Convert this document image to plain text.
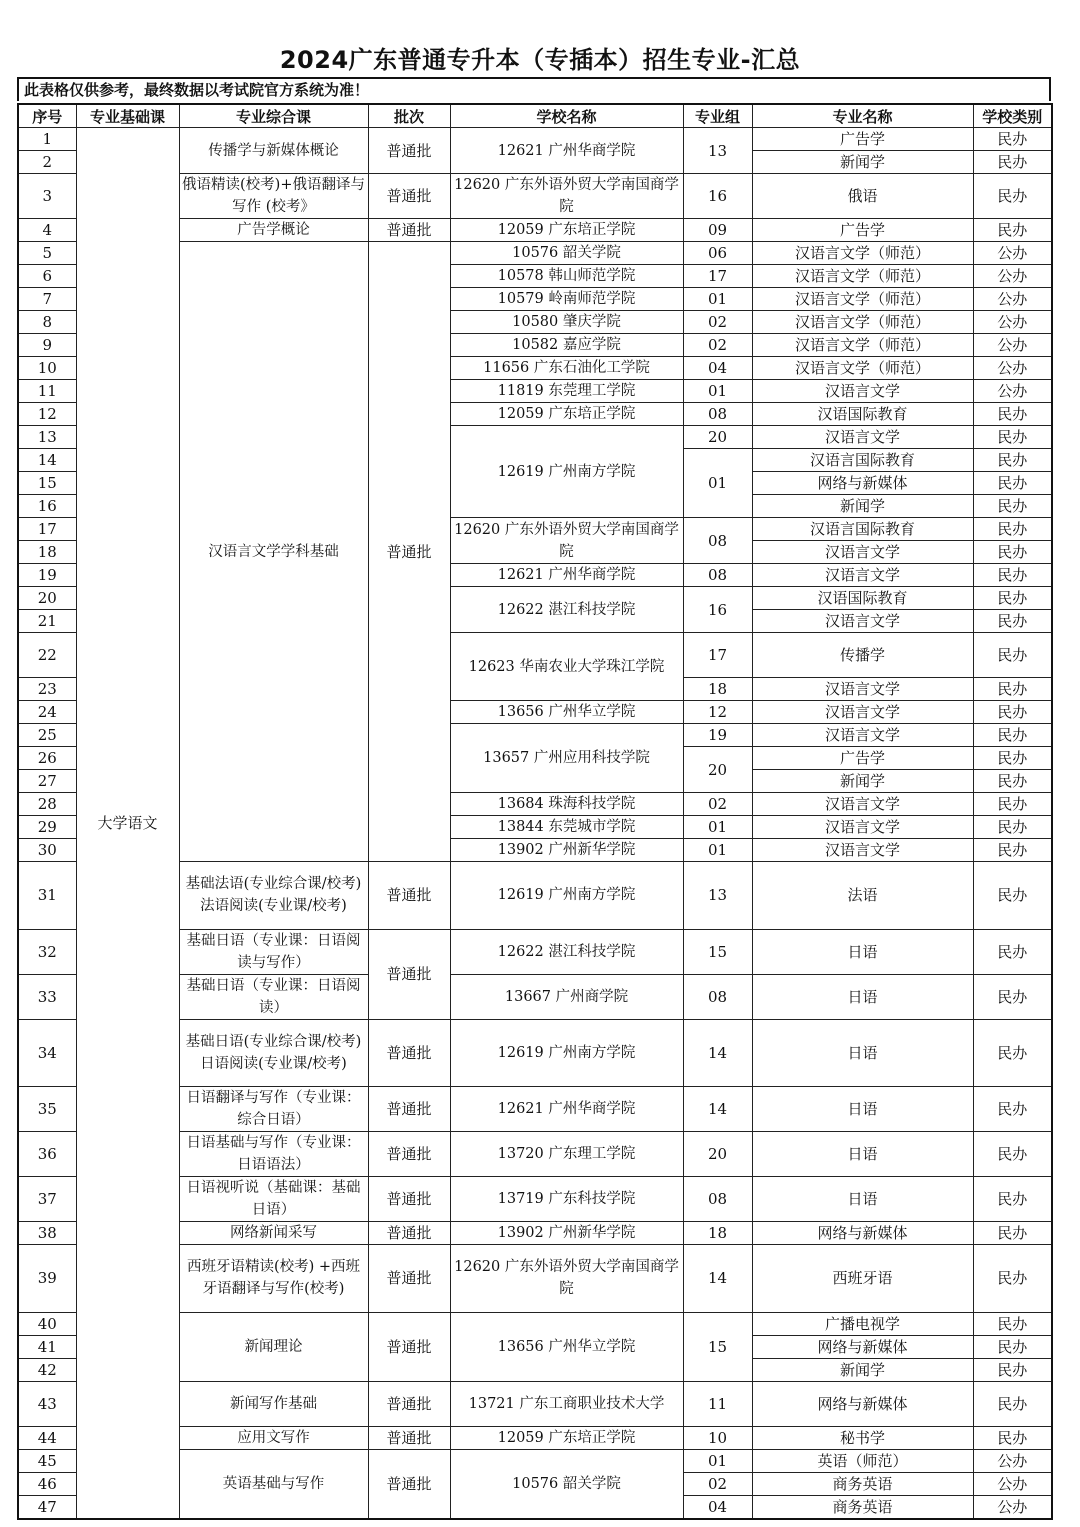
2024广东普通专升本（专插本）招生专业-汇总
此表格仅供参考，最终数据以考试院官方系统为准！
序号	专业基础课	专业综合课	批次	学校名称	专业组	专业名称	学校类别
1	大学语文	传播学与新媒体概论	普通批	12621 广州华商学院	13	广告学	民办
2						新闻学	民办
3		俄语精读(校考)+俄语翻译与写作 (校考》	普通批	12620 广东外语外贸大学南国商学院	16	俄语	民办
4		广告学概论	普通批	12059 广东培正学院	09	广告学	民办
5		汉语言文学学科基础	普通批	10576 韶关学院	06	汉语言文学（师范）	公办
6				10578 韩山师范学院	17	汉语言文学（师范）	公办
7				10579 岭南师范学院	01	汉语言文学（师范）	公办
8				10580 肇庆学院	02	汉语言文学（师范）	公办
9				10582 嘉应学院	02	汉语言文学（师范）	公办
10				11656 广东石油化工学院	04	汉语言文学（师范）	公办
11				11819 东莞理工学院	01	汉语言文学	公办
12				12059 广东培正学院	08	汉语国际教育	民办
13				12619 广州南方学院	20	汉语言文学	民办
14					01	汉语言国际教育	民办
15						网络与新媒体	民办
16						新闻学	民办
17				12620 广东外语外贸大学南国商学院	08	汉语言国际教育	民办
18						汉语言文学	民办
19				12621 广州华商学院	08	汉语言文学	民办
20				12622 湛江科技学院	16	汉语国际教育	民办
21						汉语言文学	民办
22				12623 华南农业大学珠江学院	17	传播学	民办
23					18	汉语言文学	民办
24				13656 广州华立学院	12	汉语言文学	民办
25				13657 广州应用科技学院	19	汉语言文学	民办
26					20	广告学	民办
27						新闻学	民办
28				13684 珠海科技学院	02	汉语言文学	民办
29				13844 东莞城市学院	01	汉语言文学	民办
30				13902 广州新华学院	01	汉语言文学	民办
31		基础法语(专业综合课/校考)法语阅读(专业课/校考)	普通批	12619 广州南方学院	13	法语	民办
32		基础日语（专业课：日语阅读与写作）	普通批	12622 湛江科技学院	15	日语	民办
33		基础日语（专业课：日语阅读）		13667 广州商学院	08	日语	民办
34		基础日语(专业综合课/校考)日语阅读(专业课/校考)	普通批	12619 广州南方学院	14	日语	民办
35		日语翻译与写作（专业课：综合日语）	普通批	12621 广州华商学院	14	日语	民办
36		日语基础与写作（专业课：日语语法）	普通批	13720 广东理工学院	20	日语	民办
37		日语视听说（基础课：基础日语）	普通批	13719 广东科技学院	08	日语	民办
38		网络新闻采写	普通批	13902 广州新华学院	18	网络与新媒体	民办
39		西班牙语精读(校考) +西班牙语翻译与写作(校考)	普通批	12620 广东外语外贸大学南国商学院	14	西班牙语	民办
40		新闻理论	普通批	13656 广州华立学院	15	广播电视学	民办
41						网络与新媒体	民办
42						新闻学	民办
43		新闻写作基础	普通批	13721 广东工商职业技术大学	11	网络与新媒体	民办
44		应用文写作	普通批	12059 广东培正学院	10	秘书学	民办
45		英语基础与写作	普通批	10576 韶关学院	01	英语（师范）	公办
46					02	商务英语	公办
47					04	商务英语	公办
